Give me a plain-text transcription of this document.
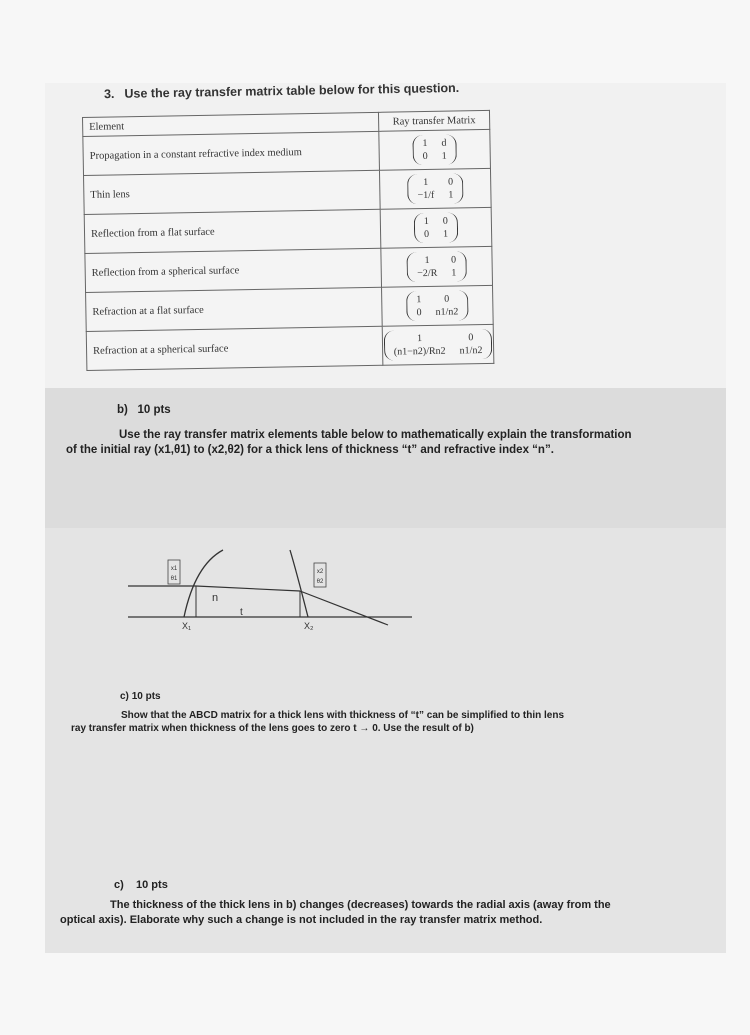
3. Use the ray transfer matrix table below for this question.
Element	Ray transfer Matrix
Propagation in a constant refractive index medium	1 d
0 1

Thin lens	1 0
−1/f 1

Reflection from a flat surface	1 0
0 1

Reflection from a spherical surface	1 0
−2/R 1

Refraction at a flat surface	1 0
0 n1/n2

Refraction at a spherical surface	1 0
(n1−n2)/Rn2 n1/n2
b) 10 pts
Use the ray transfer matrix elements table below to mathematically explain the transformation
of the initial ray (x1,θ1) to (x2,θ2) for a thick lens of thickness “t” and refractive index “n”.
x1
θ1
x2
θ2
n
t
X₁	X₂
c) 10 pts
Show that the ABCD matrix for a thick lens with thickness of “t” can be simplified to thin lens
ray transfer matrix when thickness of the lens goes to zero t → 0. Use the result of b)
c) 10 pts
The thickness of the thick lens in b) changes (decreases) towards the radial axis (away from the
optical axis). Elaborate why such a change is not included in the ray transfer matrix method.
